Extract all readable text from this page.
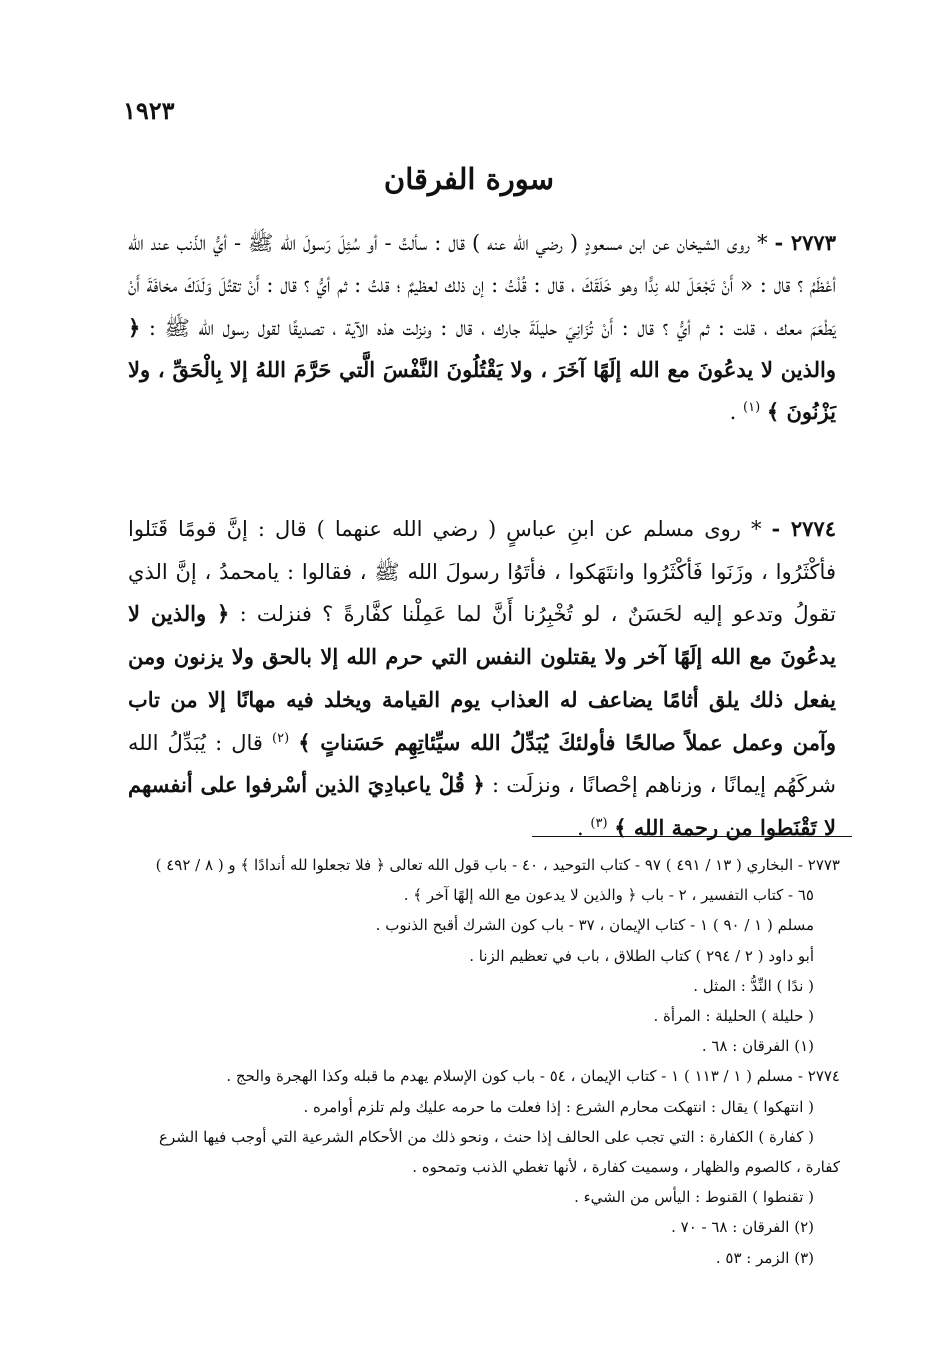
١٩٢٣
سورة الفرقان
٢٧٧٣ - * روى الشيخان عن ابن مسعودٍ ( رضي الله عنه ) قال : سألتُ - أو سُئِلَ رَسولَ الله ﷺ - أيُّ الذّنب عند الله أعْظَمُ ؟ قال : « أَنْ تَجْعَلَ لله نِدًّا وهو خَلَقَكَ ، قال : قُلْتُ : إن ذلك لعظيمٌ ؛ قلتُ : ثم أيُّ ؟ قال : أَنْ تقتُلَ وَلَدَكَ مخافَةَ أَنْ يَطْعَمَ معك ، قلت : ثم أيُّ ؟ قال : أَنْ تُزَانِيَ حليلَةَ جارك ، قال : ونزلت هذه الآية ، تصديقًا لقول رسول الله ﷺ : ﴿ والذين لا يدعُونَ مع الله إلَهًا آخَرَ ، ولا يَقْتُلُونَ النَّفْسَ الَّتي حَرَّمَ اللهُ إلا بِالْحَقِّ ، ولا يَزْنُونَ ﴾ $^{(١)}$ .
٢٧٧٤ - * روى مسلم عن ابنِ عباسٍ ( رضي الله عنهما ) قال : إنَّ قومًا قَتَلوا فأكْثَرُوا ، وزَنَوا فَأكْثَرُوا وانتَهَكوا ، فأتَوُا رسولَ الله ﷺ ، فقالوا : يامحمدُ ، إنَّ الذي تقولُ وتدعو إليه لحَسَنٌ ، لو تُخْبِرُنا أَنَّ لما عَمِلْنا كفَّارةً ؟ فنزلت : ﴿ والذين لا يدعُونَ مع الله إلَهًا آخر ولا يقتلون النفس التي حرم الله إلا بالحق ولا يزنون ومن يفعل ذلك يلق أثامًا يضاعف له العذاب يوم القيامة ويخلد فيه مهانًا إلا من تاب وآمن وعمل عملاً صالحًا فأولئكَ يُبَدِّلُ الله سيِّئاتِهِم حَسَناتٍ ﴾ $^{(٢)}$ قال : يُبَدِّلُ الله شركَهُم إيمانًا ، وزناهم إحْصانًا ، ونزلَت : ﴿ قُلْ ياعبادِيَ الذين أسْرفوا على أنفسهم لا تَقْنَطوا من رحمة الله ﴾ $^{(٣)}$ .
٢٧٧٣ - البخاري ( ١٣ / ٤٩١ ) ٩٧ - كتاب التوحيد ، ٤٠ - باب قول الله تعالى ﴿ فلا تجعلوا لله أندادًا ﴾ و ( ٨ / ٤٩٢ )
٦٥ - كتاب التفسير ، ٢ - باب ﴿ والذين لا يدعون مع الله إلهًا آخر ﴾ .
مسلم ( ١ / ٩٠ ) ١ - كتاب الإيمان ، ٣٧ - باب كون الشرك أقبح الذنوب .
أبو داود ( ٢ / ٢٩٤ ) كتاب الطلاق ، باب في تعظيم الزنا .
( ندًا ) النِّدُّ : المثل .
( حليلة ) الحليلة : المرأة .
(١) الفرقان : ٦٨ .
٢٧٧٤ - مسلم ( ١ / ١١٣ ) ١ - كتاب الإيمان ، ٥٤ - باب كون الإسلام يهدم ما قبله وكذا الهجرة والحج .
( انتهكوا ) يقال : انتهكت محارم الشرع : إذا فعلت ما حرمه عليك ولم تلزم أوامره .
( كفارة ) الكفارة : التي تجب على الحالف إذا حنث ، ونحو ذلك من الأحكام الشرعية التي أوجب فيها الشرع
كفارة ، كالصوم والظهار ، وسميت كفارة ، لأنها تغطي الذنب وتمحوه .
( تقنطوا ) القنوط : اليأس من الشيء .
(٢) الفرقان : ٦٨ - ٧٠ .
(٣) الزمر : ٥٣ .
